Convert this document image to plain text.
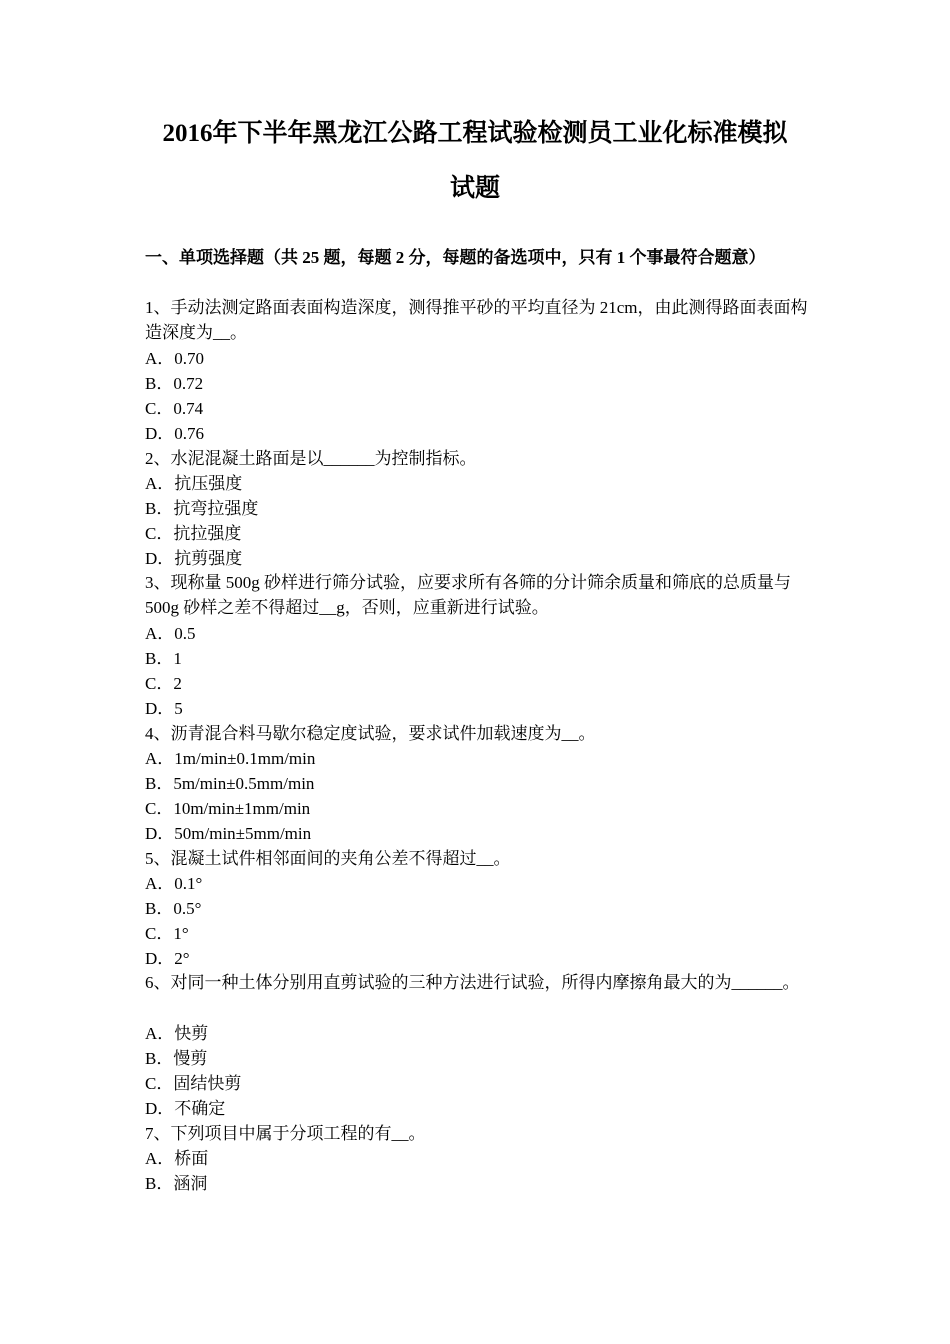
2016年下半年黑龙江公路工程试验检测员工业化标准模拟
试题

一、单项选择题（共 25 题，每题 2 分，每题的备选项中，只有 1 个事最符合题意）

1、手动法测定路面表面构造深度，测得推平砂的平均直径为 21cm，由此测得路面表面构造深度为__。
A．0.70
B．0.72
C．0.74
D．0.76
2、水泥混凝土路面是以______为控制指标。
A．抗压强度
B．抗弯拉强度
C．抗拉强度
D．抗剪强度
3、现称量 500g 砂样进行筛分试验，应要求所有各筛的分计筛余质量和筛底的总质量与 500g 砂样之差不得超过__g，否则，应重新进行试验。
A．0.5
B．1
C．2
D．5
4、沥青混合料马歇尔稳定度试验，要求试件加载速度为__。
A．1m/min±0.1mm/min
B．5m/min±0.5mm/min
C．10m/min±1mm/min
D．50m/min±5mm/min
5、混凝土试件相邻面间的夹角公差不得超过__。
A．0.1°
B．0.5°
C．1°
D．2°
6、对同一种土体分别用直剪试验的三种方法进行试验，所得内摩擦角最大的为______。
A．快剪
B．慢剪
C．固结快剪
D．不确定
7、下列项目中属于分项工程的有__。
A．桥面
B．涵洞
